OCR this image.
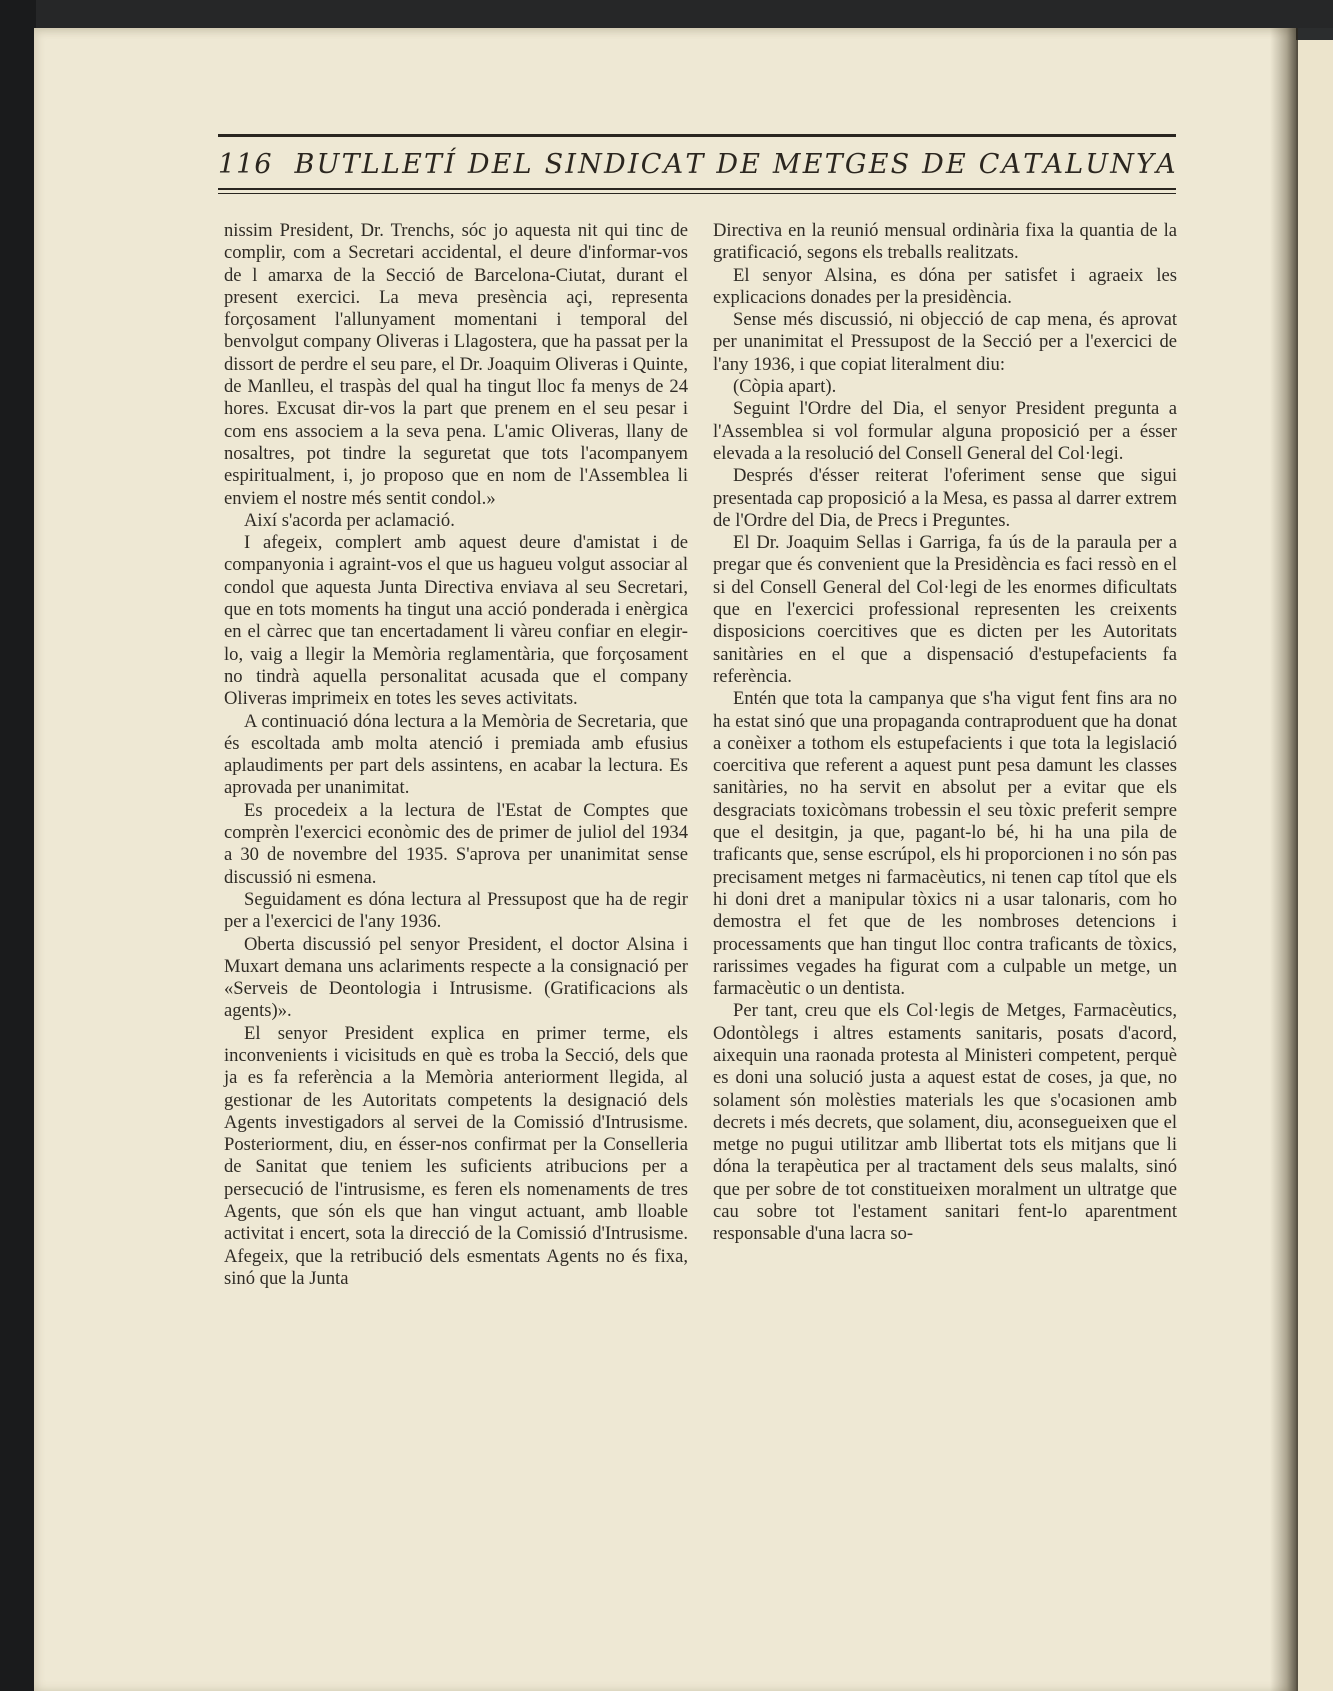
116 B U T L L E T Í
D E L
S I N D I C A T
D E
M E T G E S
D E
C A T A L U N Y A

nissim President, Dr. Trenchs, sóc jo aquesta nit qui tinc de complir, com a Secretari accidental, el deure d'informar-vos de l amarxa de la Secció de Barcelona-Ciutat, durant el present exercici. La meva presència açi, representa forçosament l'allunyament momentani i temporal del benvolgut company Oliveras i Llagostera, que ha passat per la dissort de perdre el seu pare, el Dr. Joaquim Oliveras i Quinte, de Manlleu, el traspàs del qual ha tingut lloc fa menys de 24 hores. Excusat dir-vos la part que prenem en el seu pesar i com ens associem a la seva pena. L'amic Oliveras, llany de nosaltres, pot tindre la seguretat que tots l'acompanyem espiritualment, i, jo proposo que en nom de l'Assemblea li enviem el nostre més sentit condol.»

Així s'acorda per aclamació.

I afegeix, complert amb aquest deure d'amistat i de companyonia i agraint-vos el que us hagueu volgut associar al condol que aquesta Junta Directiva enviava al seu Secretari, que en tots moments ha tingut una acció ponderada i enèrgica en el càrrec que tan encertadament li vàreu confiar en elegir-lo, vaig a llegir la Memòria reglamentària, que forçosament no tindrà aquella personalitat acusada que el company Oliveras imprimeix en totes les seves activitats.

A continuació dóna lectura a la Memòria de Secretaria, que és escoltada amb molta atenció i premiada amb efusius aplaudiments per part dels assintens, en acabar la lectura. Es aprovada per unanimitat.

Es procedeix a la lectura de l'Estat de Comptes que comprèn l'exercici econòmic des de primer de juliol del 1934 a 30 de novembre del 1935. S'aprova per unanimitat sense discussió ni esmena.

Seguidament es dóna lectura al Pressupost que ha de regir per a l'exercici de l'any 1936.

Oberta discussió pel senyor President, el doctor Alsina i Muxart demana uns aclariments respecte a la consignació per «Serveis de Deontologia i Intrusisme. (Gratificacions als agents)».

El senyor President explica en primer terme, els inconvenients i vicisituds en què es troba la Secció, dels que ja es fa referència a la Memòria anteriorment llegida, al gestionar de les Autoritats competents la designació dels Agents investigadors al servei de la Comissió d'Intrusisme. Posteriorment, diu, en ésser-nos confirmat per la Conselleria de Sanitat que teniem les suficients atribucions per a persecució de l'intrusisme, es feren els nomenaments de tres Agents, que són els que han vingut actuant, amb lloable activitat i encert, sota la direcció de la Comissió d'Intrusisme. Afegeix, que la retribució dels esmentats Agents no és fixa, sinó que la Junta

Directiva en la reunió mensual ordinària fixa la quantia de la gratificació, segons els treballs realitzats.

El senyor Alsina, es dóna per satisfet i agraeix les explicacions donades per la presidència.

Sense més discussió, ni objecció de cap mena, és aprovat per unanimitat el Pressupost de la Secció per a l'exercici de l'any 1936, i que copiat literalment diu:

(Còpia apart).

Seguint l'Ordre del Dia, el senyor President pregunta a l'Assemblea si vol formular alguna proposició per a ésser elevada a la resolució del Consell General del Col·legi.

Després d'ésser reiterat l'oferiment sense que sigui presentada cap proposició a la Mesa, es passa al darrer extrem de l'Ordre del Dia, de Precs i Preguntes.

El Dr. Joaquim Sellas i Garriga, fa ús de la paraula per a pregar que és convenient que la Presidència es faci ressò en el si del Consell General del Col·legi de les enormes dificultats que en l'exercici professional representen les creixents disposicions coercitives que es dicten per les Autoritats sanitàries en el que a dispensació d'estupefacients fa referència.

Entén que tota la campanya que s'ha vigut fent fins ara no ha estat sinó que una propaganda contraproduent que ha donat a conèixer a tothom els estupefacients i que tota la legislació coercitiva que referent a aquest punt pesa damunt les classes sanitàries, no ha servit en absolut per a evitar que els desgraciats toxicòmans trobessin el seu tòxic preferit sempre que el desitgin, ja que, pagant-lo bé, hi ha una pila de traficants que, sense escrúpol, els hi proporcionen i no són pas precisament metges ni farmacèutics, ni tenen cap títol que els hi doni dret a manipular tòxics ni a usar talonaris, com ho demostra el fet que de les nombroses detencions i processaments que han tingut lloc contra traficants de tòxics, rarissimes vegades ha figurat com a culpable un metge, un farmacèutic o un dentista.

Per tant, creu que els Col·legis de Metges, Farmacèutics, Odontòlegs i altres estaments sanitaris, posats d'acord, aixequin una raonada protesta al Ministeri competent, perquè es doni una solució justa a aquest estat de coses, ja que, no solament són molèsties materials les que s'ocasionen amb decrets i més decrets, que solament, diu, aconsegueixen que el metge no pugui utilitzar amb llibertat tots els mitjans que li dóna la terapèutica per al tractament dels seus malalts, sinó que per sobre de tot constitueixen moralment un ultratge que cau sobre tot l'estament sanitari fent-lo aparentment responsable d'una lacra so-
